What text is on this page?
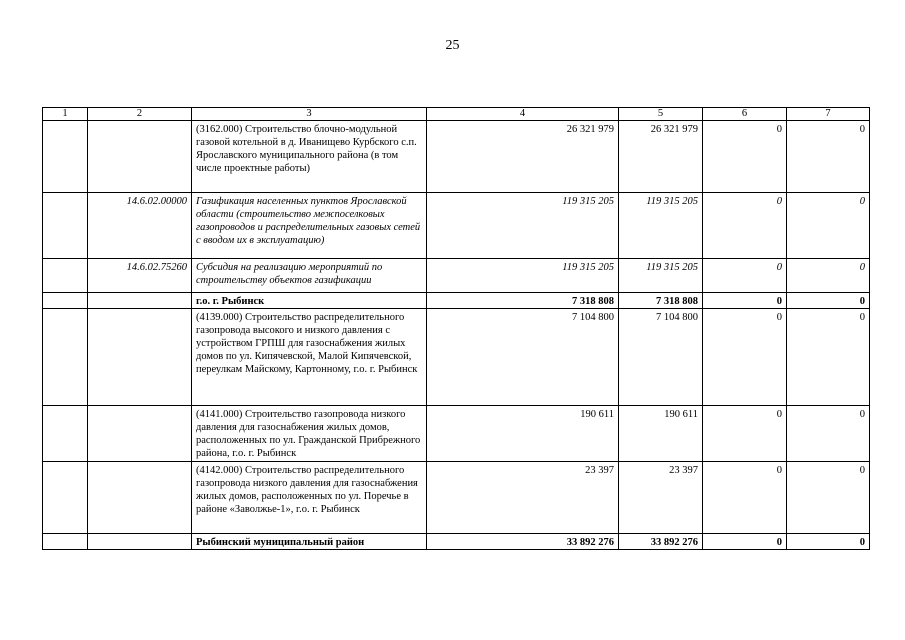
25
1	2	3	4	5	6	7
		(3162.000) Строительство блочно-модульной газовой котельной в д. Иванищево Курбского с.п. Ярославского муниципального района (в том числе проектные работы)	26 321 979	26 321 979	0	0
	14.6.02.00000	Газификация населенных пунктов Ярославской области (строительство межпоселковых газопроводов и распределительных газовых сетей с вводом их в эксплуатацию)	119 315 205	119 315 205	0	0
	14.6.02.75260	Субсидия на реализацию мероприятий по строительству объектов газификации	119 315 205	119 315 205	0	0
		г.о. г. Рыбинск	7 318 808	7 318 808	0	0
		(4139.000) Строительство распределительного газопровода высокого и низкого давления с устройством ГРПШ для газоснабжения жилых домов по ул. Кипячевской, Малой Кипячевской, переулкам Майскому, Картонному, г.о. г. Рыбинск	7 104 800	7 104 800	0	0
		(4141.000) Строительство газопровода низкого давления для газоснабжения жилых домов, расположенных по ул. Гражданской Прибрежного района, г.о. г. Рыбинск	190 611	190 611	0	0
		(4142.000) Строительство распределительного газопровода низкого давления для газоснабжения жилых домов, расположенных по ул. Поречье в районе «Заволжье-1», г.о. г. Рыбинск	23 397	23 397	0	0
		Рыбинский муниципальный район	33 892 276	33 892 276	0	0
